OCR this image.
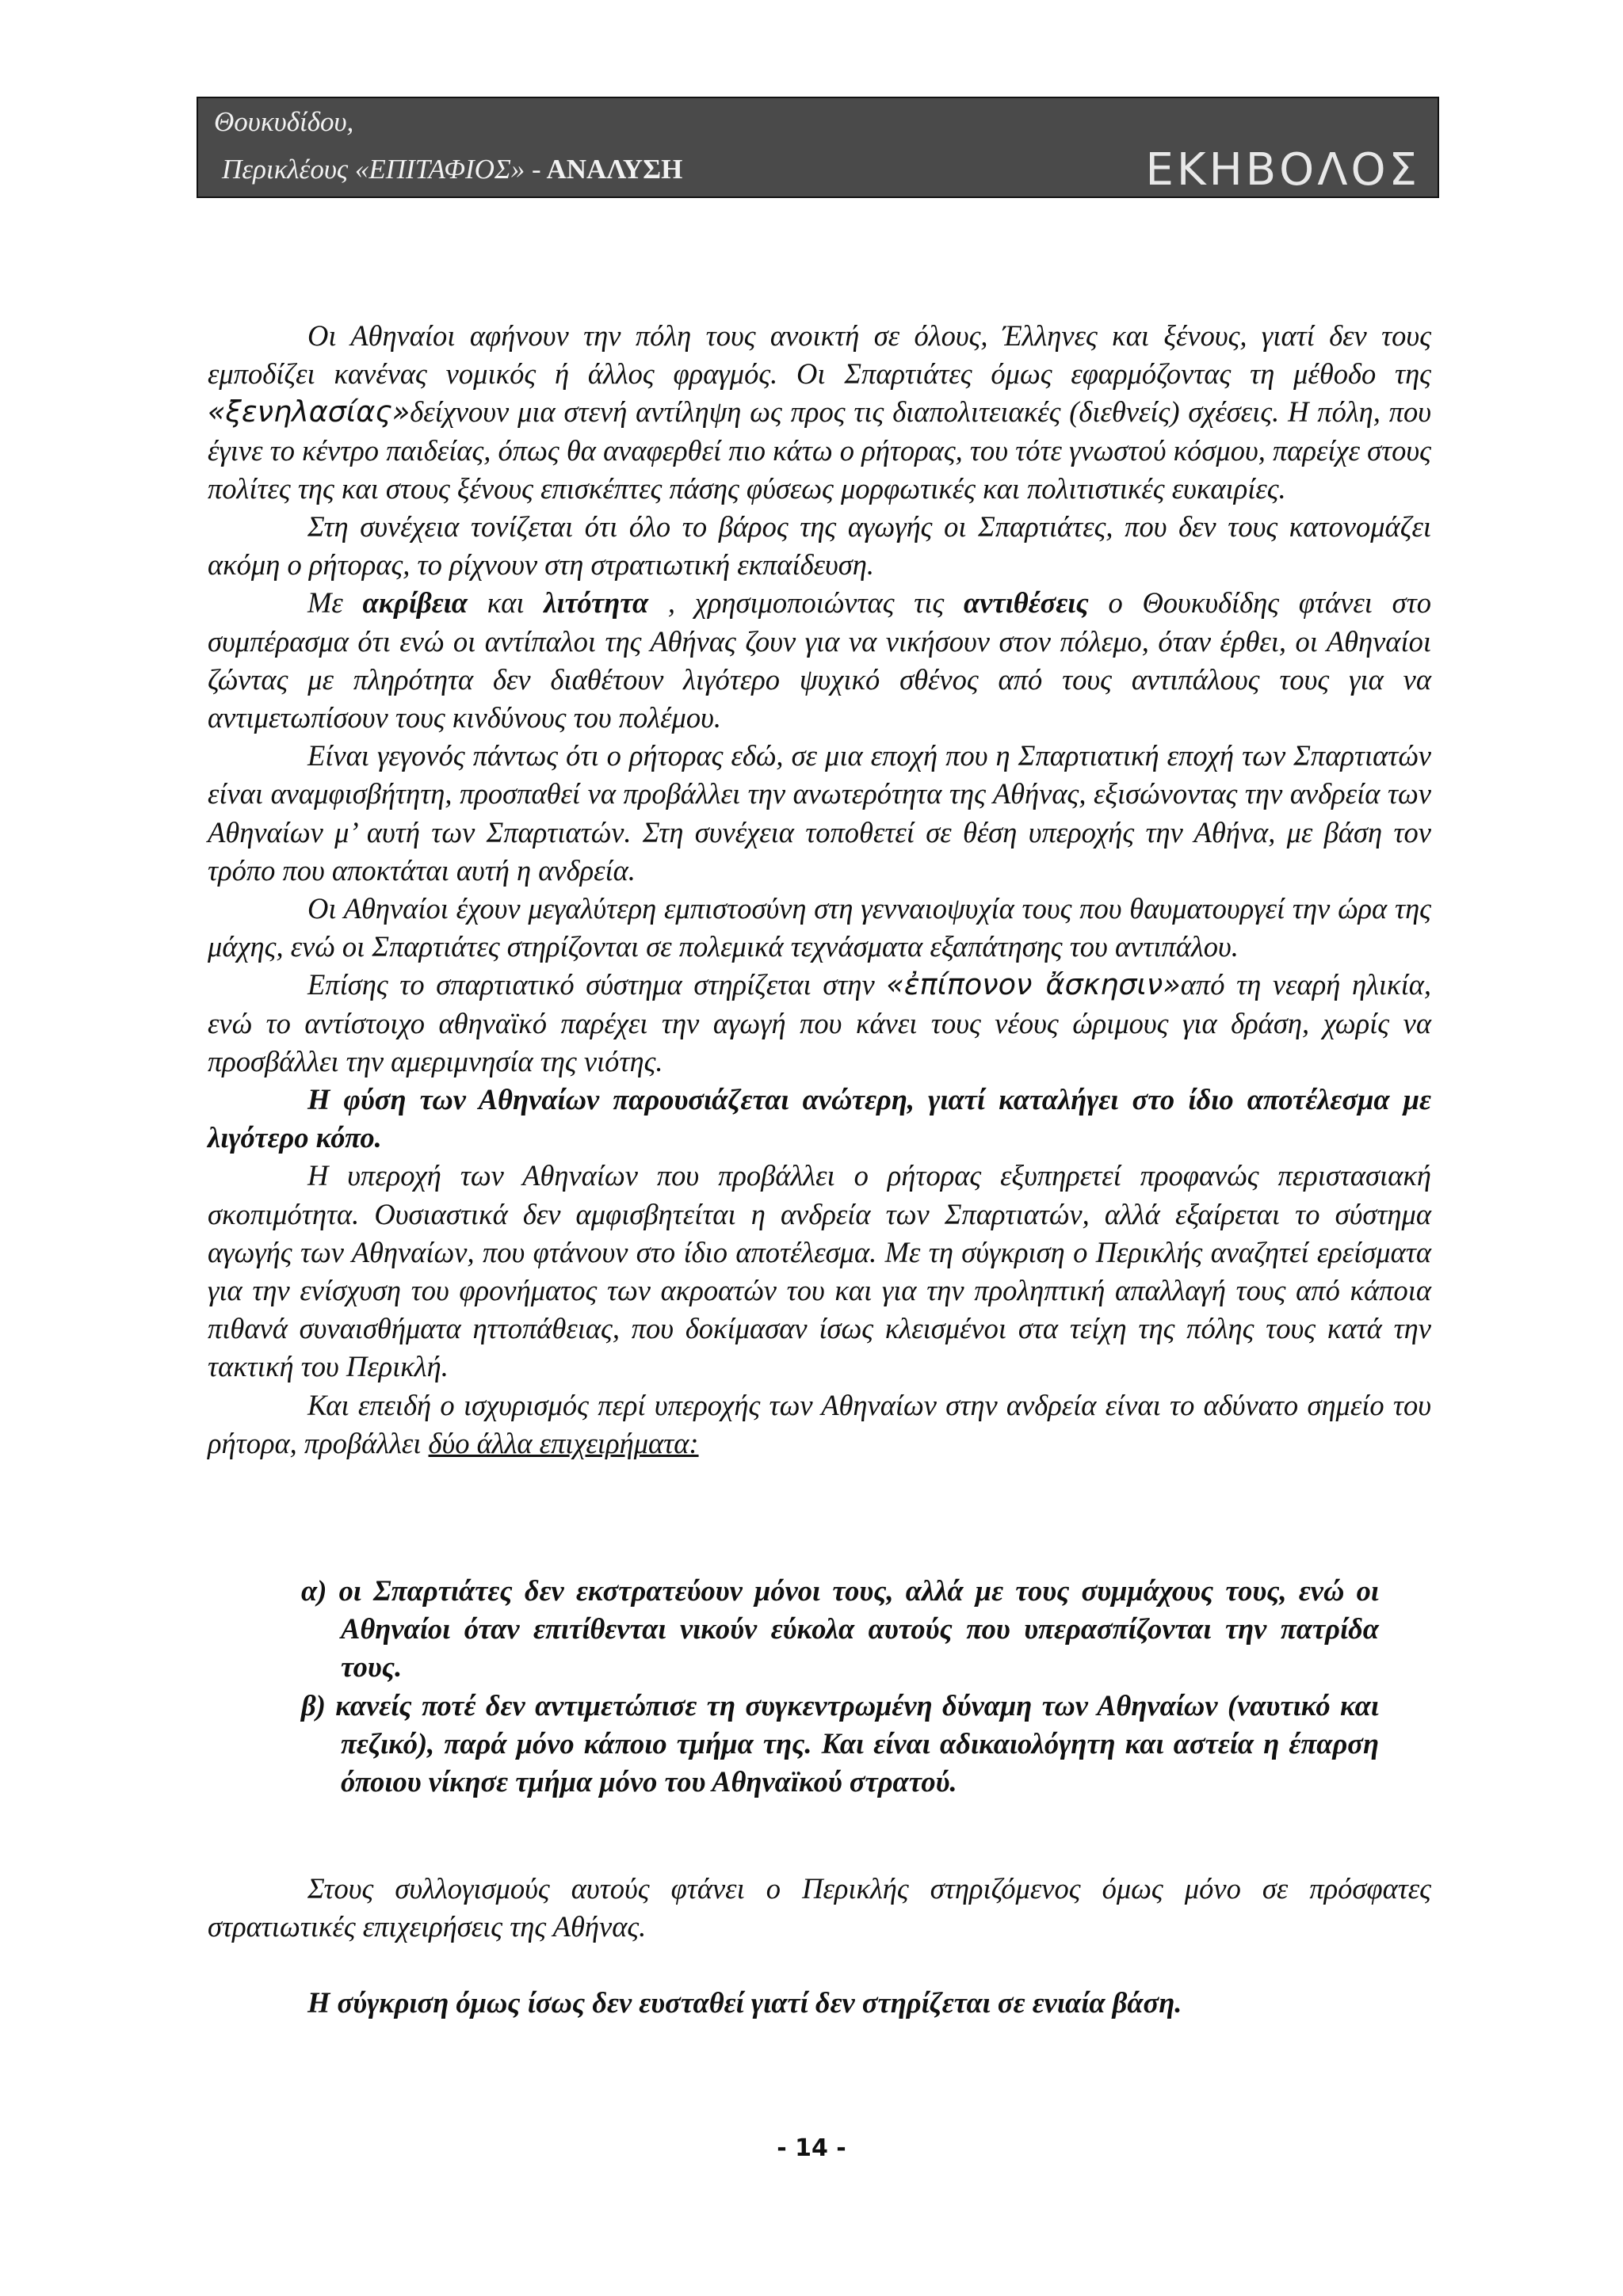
Θουκυδίδου,
Περικλέους «ΕΠΙΤΑΦΙΟΣ» - ΑΝΑΛΥΣΗ	ΕΚΗΒΟΛΟΣ

Οι Αθηναίοι αφήνουν την πόλη τους ανοικτή σε όλους, Έλληνες και ξένους, γιατί δεν τους εμποδίζει κανένας νομικός ή άλλος φραγμός. Οι Σπαρτιάτες όμως εφαρμόζοντας τη μέθοδο της «ξενηλασίας»δείχνουν μια στενή αντίληψη ως προς τις διαπολιτειακές (διεθνείς) σχέσεις. Η πόλη, που έγινε το κέντρο παιδείας, όπως θα αναφερθεί πιο κάτω ο ρήτορας, του τότε γνωστού κόσμου, παρείχε στους πολίτες της και στους ξένους επισκέπτες πάσης φύσεως μορφωτικές και πολιτιστικές ευκαιρίες.

Στη συνέχεια τονίζεται ότι όλο το βάρος της αγωγής οι Σπαρτιάτες, που δεν τους κατονομάζει ακόμη ο ρήτορας, το ρίχνουν στη στρατιωτική εκπαίδευση.

Με ακρίβεια και λιτότητα , χρησιμοποιώντας τις αντιθέσεις ο Θουκυδίδης φτάνει στο συμπέρασμα ότι ενώ οι αντίπαλοι της Αθήνας ζουν για να νικήσουν στον πόλεμο, όταν έρθει, οι Αθηναίοι ζώντας με πληρότητα δεν διαθέτουν λιγότερο ψυχικό σθένος από τους αντιπάλους τους για να αντιμετωπίσουν τους κινδύνους του πολέμου.

Είναι γεγονός πάντως ότι ο ρήτορας εδώ, σε μια εποχή που η Σπαρτιατική εποχή των Σπαρτιατών είναι αναμφισβήτητη, προσπαθεί να προβάλλει την ανωτερότητα της Αθήνας, εξισώνοντας την ανδρεία των Αθηναίων μ’ αυτή των Σπαρτιατών. Στη συνέχεια τοποθετεί σε θέση υπεροχής την Αθήνα, με βάση τον τρόπο που αποκτάται αυτή η ανδρεία.

Οι Αθηναίοι έχουν μεγαλύτερη εμπιστοσύνη στη γενναιοψυχία τους που θαυματουργεί την ώρα της μάχης, ενώ οι Σπαρτιάτες στηρίζονται σε πολεμικά τεχνάσματα εξαπάτησης του αντιπάλου.

Επίσης το σπαρτιατικό σύστημα στηρίζεται στην «ἐπίπονον ἄσκησιν»από τη νεαρή ηλικία, ενώ το αντίστοιχο αθηναϊκό παρέχει την αγωγή που κάνει τους νέους ώριμους για δράση, χωρίς να προσβάλλει την αμεριμνησία της νιότης.

Η φύση των Αθηναίων παρουσιάζεται ανώτερη, γιατί καταλήγει στο ίδιο αποτέλεσμα με λιγότερο κόπο.

Η υπεροχή των Αθηναίων που προβάλλει ο ρήτορας εξυπηρετεί προφανώς περιστασιακή σκοπιμότητα. Ουσιαστικά δεν αμφισβητείται η ανδρεία των Σπαρτιατών, αλλά εξαίρεται το σύστημα αγωγής των Αθηναίων, που φτάνουν στο ίδιο αποτέλεσμα. Με τη σύγκριση ο Περικλής αναζητεί ερείσματα για την ενίσχυση του φρονήματος των ακροατών του και για την προληπτική απαλλαγή τους από κάποια πιθανά συναισθήματα ηττοπάθειας, που δοκίμασαν ίσως κλεισμένοι στα τείχη της πόλης τους κατά την τακτική του Περικλή.

Και επειδή ο ισχυρισμός περί υπεροχής των Αθηναίων στην ανδρεία είναι το αδύνατο σημείο του ρήτορα, προβάλλει δύο άλλα επιχειρήματα:

α) οι Σπαρτιάτες δεν εκστρατεύουν μόνοι τους, αλλά με τους συμμάχους τους, ενώ οι Αθηναίοι όταν επιτίθενται νικούν εύκολα αυτούς που υπερασπίζονται την πατρίδα τους.

β) κανείς ποτέ δεν αντιμετώπισε τη συγκεντρωμένη δύναμη των Αθηναίων (ναυτικό και πεζικό), παρά μόνο κάποιο τμήμα της. Και είναι αδικαιολόγητη και αστεία η έπαρση όποιου νίκησε τμήμα μόνο του Αθηναϊκού στρατού.

Στους συλλογισμούς αυτούς φτάνει ο Περικλής στηριζόμενος όμως μόνο σε πρόσφατες στρατιωτικές επιχειρήσεις της Αθήνας.

Η σύγκριση όμως ίσως δεν ευσταθεί γιατί δεν στηρίζεται σε ενιαία βάση.

- 14 -
